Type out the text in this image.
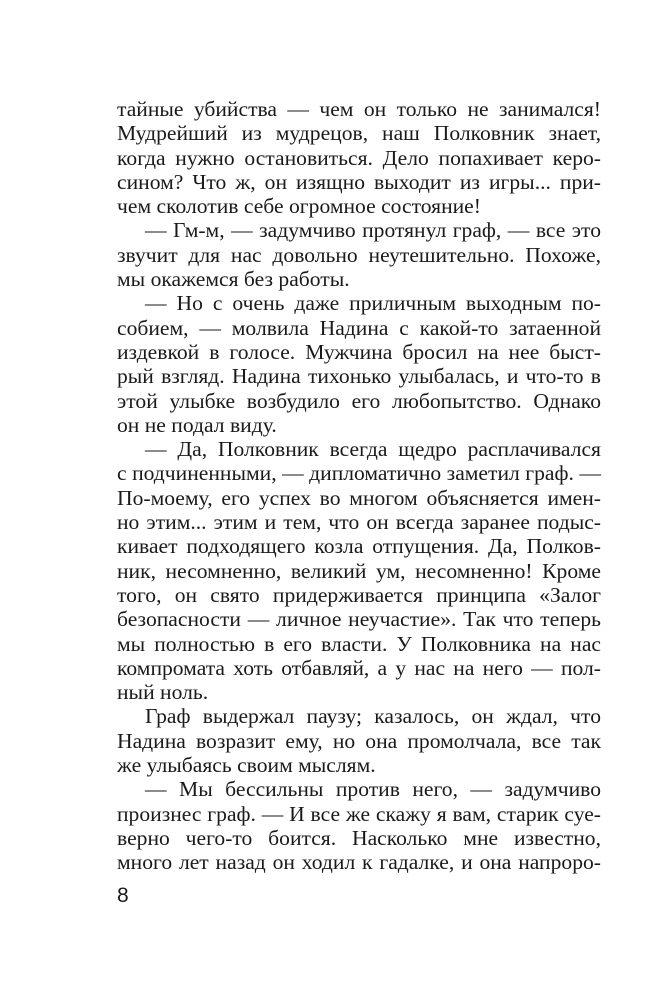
тайные убийства — чем он только не занимался!
Мудрейший из мудрецов, наш Полковник знает,
когда нужно остановиться. Дело попахивает керо-
сином? Что ж, он изящно выходит из игры... при-
чем сколотив себе огромное состояние!
— Гм-м, — задумчиво протянул граф, — все это
звучит для нас довольно неутешительно. Похоже,
мы окажемся без работы.
— Но с очень даже приличным выходным по-
собием, — молвила Надина с какой-то затаенной
издевкой в голосе. Мужчина бросил на нее быст-
рый взгляд. Надина тихонько улыбалась, и что-то в
этой улыбке возбудило его любопытство. Однако
он не подал виду.
— Да, Полковник всегда щедро расплачивался
с подчиненными, — дипломатично заметил граф. —
По-моему, его успех во многом объясняется имен-
но этим... этим и тем, что он всегда заранее подыс-
кивает подходящего козла отпущения. Да, Полков-
ник, несомненно, великий ум, несомненно! Кроме
того, он свято придерживается принципа «Залог
безопасности — личное неучастие». Так что теперь
мы полностью в его власти. У Полковника на нас
компромата хоть отбавляй, а у нас на него — пол-
ный ноль.
Граф выдержал паузу; казалось, он ждал, что
Надина возразит ему, но она промолчала, все так
же улыбаясь своим мыслям.
— Мы бессильны против него, — задумчиво
произнес граф. — И все же скажу я вам, старик суе-
верно чего-то боится. Насколько мне известно,
много лет назад он ходил к гадалке, и она напроро-
8
